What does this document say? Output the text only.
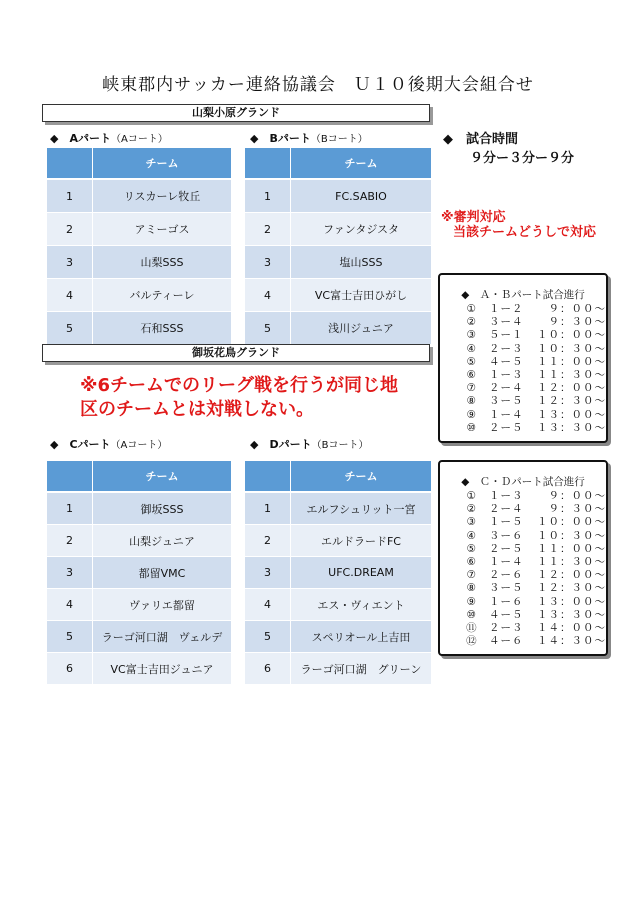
峡東郡内サッカー連絡協議会　Ｕ１０後期大会組合せ
山梨小原グランド
◆　Aパート（Aコート）	◆　Bパート（Bコート）
	チーム
1	リスカーレ牧丘
2	アミーゴス
3	山梨SSS
4	バルティーレ
5	石和SSS
	チーム
1	FC.SABIO
2	ファンタジスタ
3	塩山SSS
4	VC富士吉田ひがし
5	浅川ジュニア
◆　試合時間
９分ー３分ー９分
※審判対応
当該チームどうしで対応
◆　Ａ・Ｂパート試合進行
①	１ー２	９：００～
②	３ー４	９：３０～
③	５ー１	１０：００～
④	２ー３	１０：３０～
⑤	４ー５	１１：００～
⑥	１ー３	１１：３０～
⑦	２ー４	１２：００～
⑧	３ー５	１２：３０～
⑨	１ー４	１３：００～
⑩	２ー５	１３：３０～
御坂花鳥グランド
※6チームでのリーグ戦を行うが同じ地
区のチームとは対戦しない。
◆　Cパート（Aコート）	◆　Dパート（Bコート）
	チーム
1	御坂SSS
2	山梨ジュニア
3	都留VMC
4	ヴァリエ都留
5	ラーゴ河口湖　ヴェルデ
6	VC富士吉田ジュニア
	チーム
1	エルフシュリット一宮
2	エルドラードFC
3	UFC.DREAM
4	エス・ヴィエント
5	スペリオール上吉田
6	ラーゴ河口湖　グリーン
◆　Ｃ・Ｄパート試合進行
①	１ー３	９：００～
②	２ー４	９：３０～
③	１ー５	１０：００～
④	３ー６	１０：３０～
⑤	２ー５	１１：００～
⑥	１ー４	１１：３０～
⑦	２ー６	１２：００～
⑧	３ー５	１２：３０～
⑨	１ー６	１３：００～
⑩	４ー５	１３：３０～
⑪	２ー３	１４：００～
⑫	４ー６	１４：３０～
